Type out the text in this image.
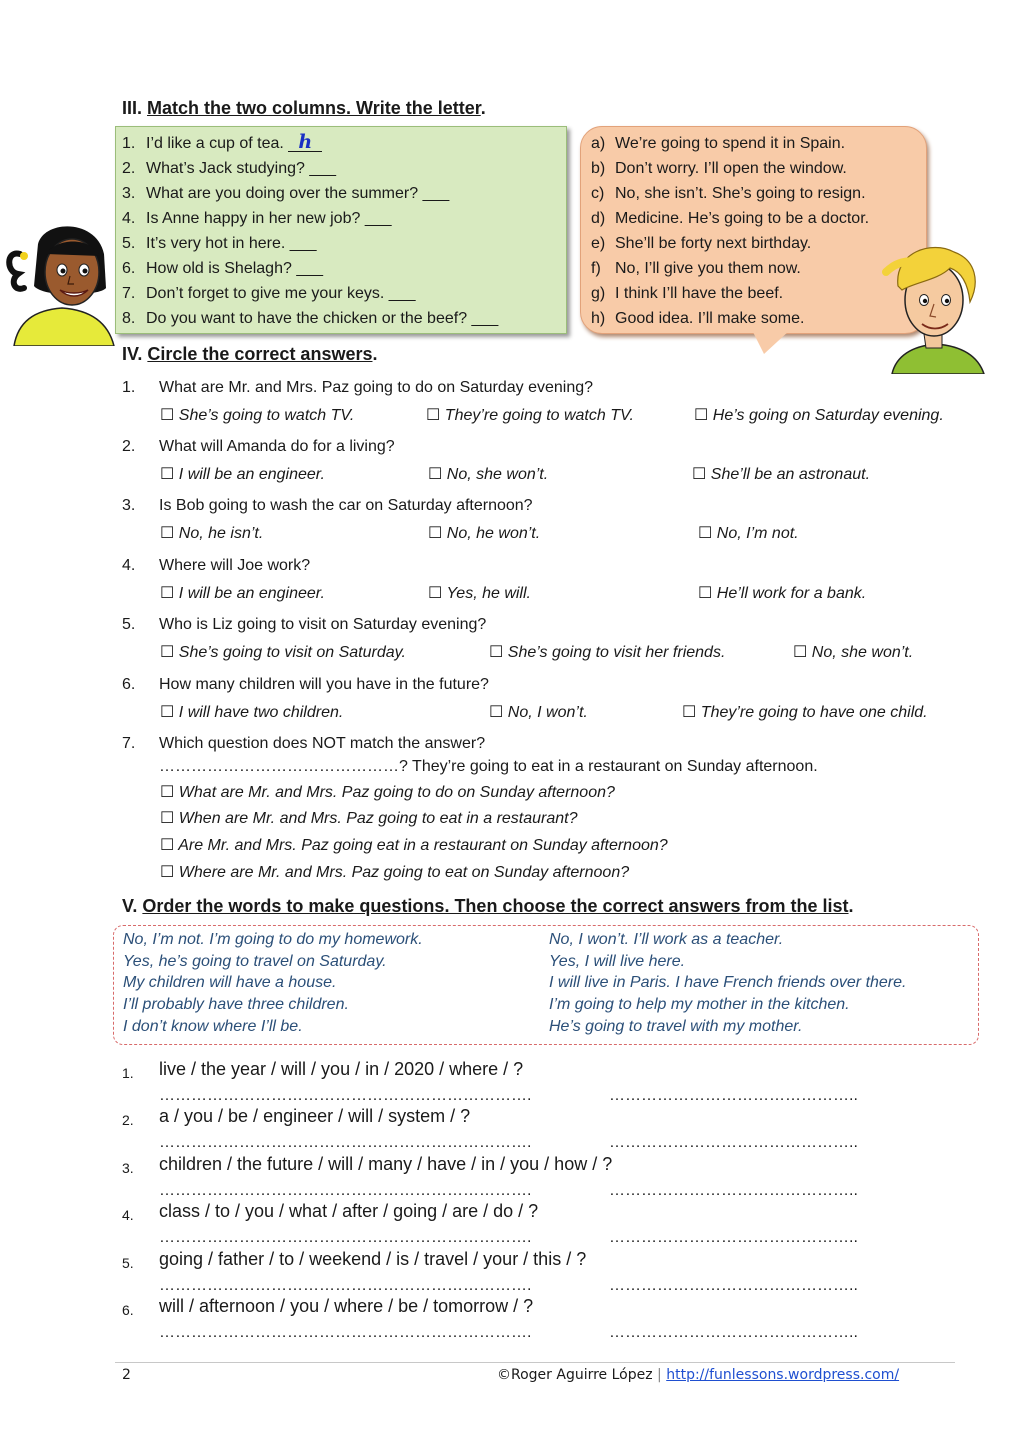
III. Match the two columns. Write the letter.
1. I’d like a cup of tea. h
2. What’s Jack studying? ___
3. What are you doing over the summer? ___
4. Is Anne happy in her new job? ___
5. It’s very hot in here. ___
6. How old is Shelagh? ___
7. Don’t forget to give me your keys. ___
8. Do you want to have the chicken or the beef? ___
a) We’re going to spend it in Spain.
b) Don’t worry. I’ll open the window.
c) No, she isn’t. She’s going to resign.
d) Medicine. He’s going to be a doctor.
e) She’ll be forty next birthday.
f) No, I’ll give you them now.
g) I think I’ll have the beef.
h) Good idea. I’ll make some.
IV. Circle the correct answers.
1. What are Mr. and Mrs. Paz going to do on Saturday evening?
☐ She’s going to watch TV.	☐ They’re going to watch TV.	☐ He’s going on Saturday evening.
2. What will Amanda do for a living?
☐ I will be an engineer.	☐ No, she won’t.	☐ She’ll be an astronaut.
3. Is Bob going to wash the car on Saturday afternoon?
☐ No, he isn’t.	☐ No, he won’t.	☐ No, I’m not.
4. Where will Joe work?
☐ I will be an engineer.	☐ Yes, he will.	☐ He’ll work for a bank.
5. Who is Liz going to visit on Saturday evening?
☐ She’s going to visit on Saturday.	☐ She’s going to visit her friends.	☐ No, she won’t.
6. How many children will you have in the future?
☐ I will have two children.	☐ No, I won’t.	☐ They’re going to have one child.
7. Which question does NOT match the answer?
………………………………………? They’re going to eat in a restaurant on Sunday afternoon.
☐ What are Mr. and Mrs. Paz going to do on Sunday afternoon?
☐ When are Mr. and Mrs. Paz going to eat in a restaurant?
☐ Are Mr. and Mrs. Paz going eat in a restaurant on Sunday afternoon?
☐ Where are Mr. and Mrs. Paz going to eat on Sunday afternoon?
V. Order the words to make questions. Then choose the correct answers from the list.
No, I’m not. I’m going to do my homework.
Yes, he’s going to travel on Saturday.
My children will have a house.
I’ll probably have three children.
I don’t know where I’ll be.
No, I won’t. I’ll work as a teacher.
Yes, I will live here.
I will live in Paris. I have French friends over there.
I’m going to help my mother in the kitchen.
He’s going to travel with my mother.
1. live / the year / will / you / in / 2020 / where / ?
…………………………………………………………….	………………………………………..
2. a / you / be / engineer / will / system / ?
…………………………………………………………….	………………………………………..
3. children / the future / will / many / have / in / you / how / ?
…………………………………………………………….	………………………………………..
4. class / to / you / what / after / going / are / do / ?
…………………………………………………………….	………………………………………..
5. going / father / to / weekend / is / travel / your / this / ?
…………………………………………………………….	………………………………………..
6. will / afternoon / you / where / be / tomorrow / ?
…………………………………………………………….	………………………………………..
2	©Roger Aguirre López | http://funlessons.wordpress.com/
